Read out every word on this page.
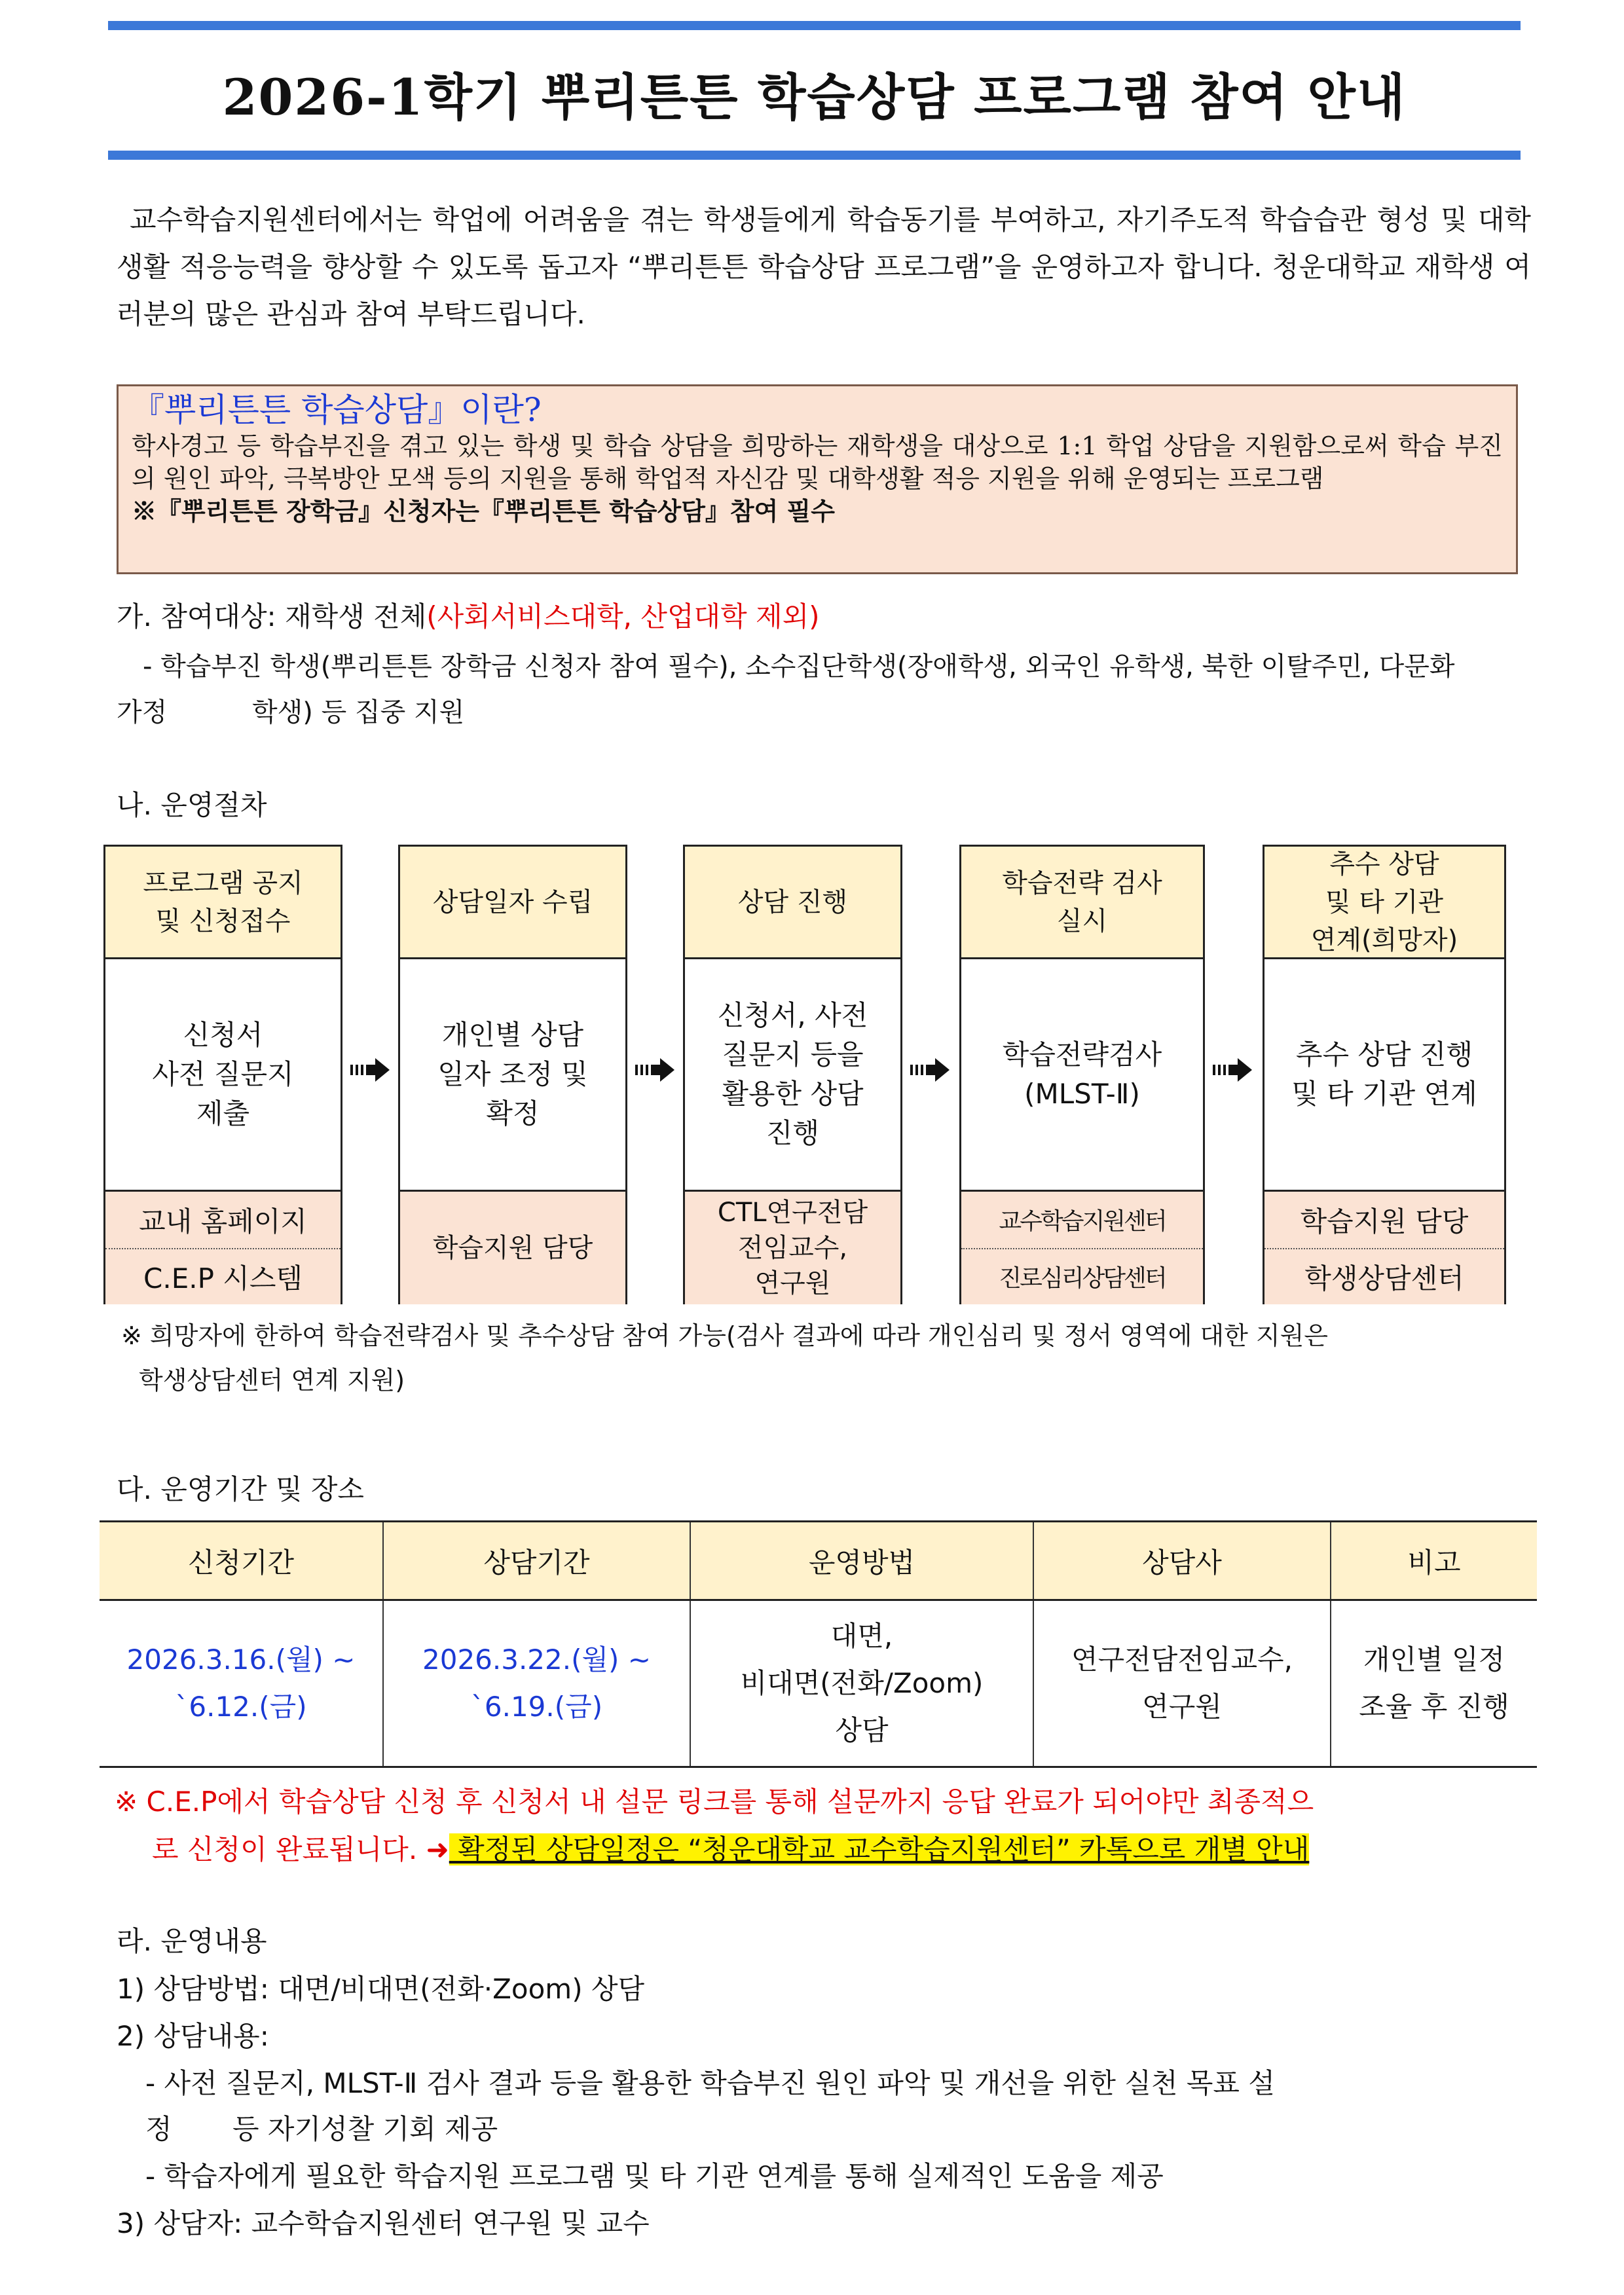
2026-1학기 뿌리튼튼 학습상담 프로그램 참여 안내
교수학습지원센터에서는 학업에 어려움을 겪는 학생들에게 학습동기를 부여하고, 자기주도적 학습습관 형성 및 대학생활 적응능력을 향상할 수 있도록 돕고자 “뿌리튼튼 학습상담 프로그램”을 운영하고자 합니다. 청운대학교 재학생 여러분의 많은 관심과 참여 부탁드립니다.
『뿌리튼튼 학습상담』이란?
학사경고 등 학습부진을 겪고 있는 학생 및 학습 상담을 희망하는 재학생을 대상으로 1:1 학업 상담을 지원함으로써 학습 부진의 원인 파악, 극복방안 모색 등의 지원을 통해 학업적 자신감 및 대학생활 적응 지원을 위해 운영되는 프로그램
※『뿌리튼튼 장학금』신청자는『뿌리튼튼 학습상담』참여 필수
가. 참여대상: 재학생 전체(사회서비스대학, 산업대학 제외)
- 학습부진 학생(뿌리튼튼 장학금 신청자 참여 필수), 소수집단학생(장애학생, 외국인 유학생, 북한 이탈주민, 다문화
가정	학생) 등 집중 지원
나. 운영절차
프로그램 공지
및 신청접수
신청서
사전 질문지
제출
교내 홈페이지
C.E.P 시스템
상담일자 수립
개인별 상담
일자 조정 및
확정
학습지원 담당
상담 진행
신청서, 사전
질문지 등을
활용한 상담
진행
CTL연구전담
전임교수,
연구원
학습전략 검사
실시
학습전략검사
(MLST-Ⅱ)
교수학습지원센터
진로심리상담센터
추수 상담
및 타 기관
연계(희망자)
추수 상담 진행
및 타 기관 연계
학습지원 담당
학생상담센터
※ 희망자에 한하여 학습전략검사 및 추수상담 참여 가능(검사 결과에 따라 개인심리 및 정서 영역에 대한 지원은
학생상담센터 연계 지원)
다. 운영기간 및 장소
신청기간	상담기간	운영방법	상담사	비고
2026.3.16.(월) ~
`6.12.(금)	2026.3.22.(월) ~
`6.19.(금)	대면,
비대면(전화/Zoom)
상담	연구전담전임교수,
연구원	개인별 일정
조율 후 진행
※ C.E.P에서 학습상담 신청 후 신청서 내 설문 링크를 통해 설문까지 응답 완료가 되어야만 최종적으
로 신청이 완료됩니다. ➜ 확정된 상담일정은 “청운대학교 교수학습지원센터” 카톡으로 개별 안내
라. 운영내용
1) 상담방법: 대면/비대면(전화·Zoom) 상담
2) 상담내용:
- 사전 질문지, MLST-Ⅱ 검사 결과 등을 활용한 학습부진 원인 파악 및 개선을 위한 실천 목표 설
정 등 자기성찰 기회 제공
- 학습자에게 필요한 학습지원 프로그램 및 타 기관 연계를 통해 실제적인 도움을 제공
3) 상담자: 교수학습지원센터 연구원 및 교수
